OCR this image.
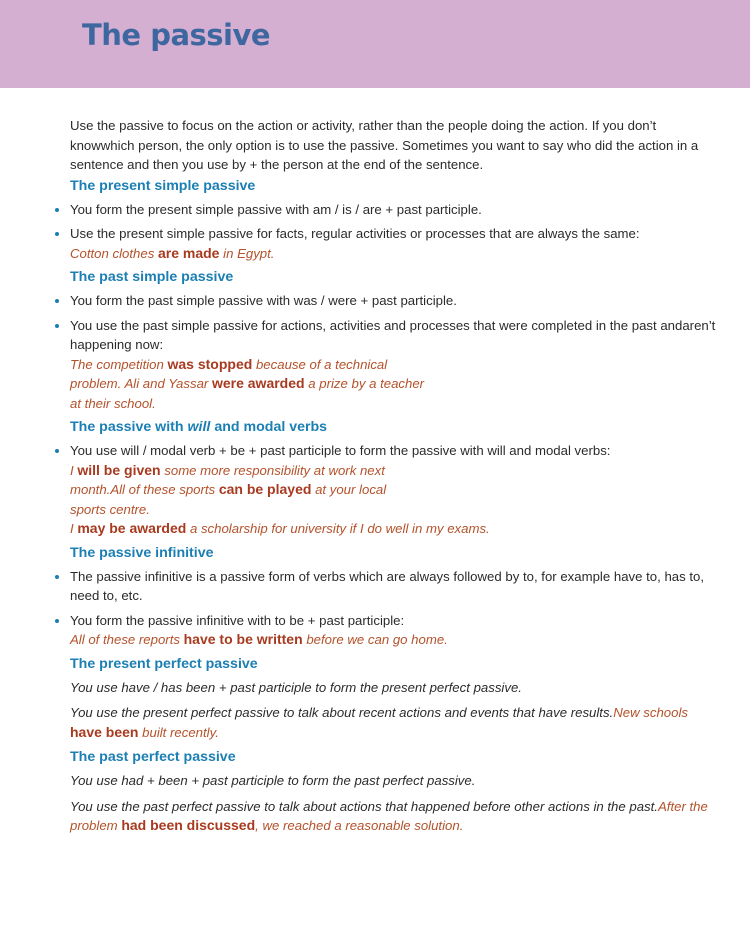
The passive

Use the passive to focus on the action or activity, rather than the people doing the action. If you don’t knowwhich person, the only option is to use the passive. Sometimes you want to say who did the action in a sentence and then you use by + the person at the end of the sentence.

The present simple passive
You form the present simple passive with am / is / are + past participle.
Use the present simple passive for facts, regular activities or processes that are always the same:
Cotton clothes are made in Egypt.
The past simple passive
You form the past simple passive with was / were + past participle.
You use the past simple passive for actions, activities and processes that were completed in the past andaren’t happening now:
The competition was stopped because of a technical
problem. Ali and Yassar were awarded a prize by a teacher
at their school.
The passive with will and modal verbs
You use will / modal verb + be + past participle to form the passive with will and modal verbs:
I will be given some more responsibility at work next
month.All of these sports can be played at your local
sports centre.
I may be awarded a scholarship for university if I do well in my exams.
The passive infinitive
The passive infinitive is a passive form of verbs which are always followed by to, for example have to, has to, need to, etc.
You form the passive infinitive with to be + past participle:
All of these reports have to be written before we can go home.
The present perfect passive

You use have / has been + past participle to form the present perfect passive.

You use the present perfect passive to talk about recent actions and events that have results.New schools have been built recently.

The past perfect passive

You use had + been + past participle to form the past perfect passive.

You use the past perfect passive to talk about actions that happened before other actions in the past.After the problem had been discussed, we reached a reasonable solution.
